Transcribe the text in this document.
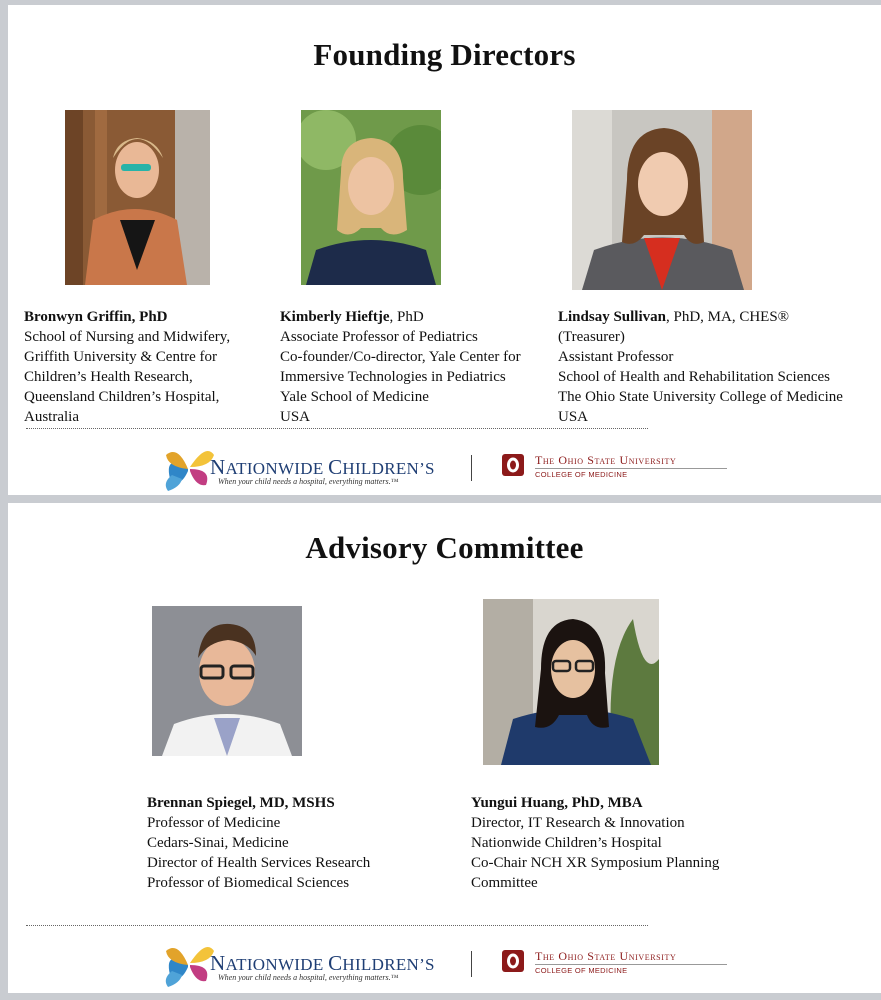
Founding Directors
Bronwyn Griffin, PhD
School of Nursing and Midwifery,
Griffith University & Centre for
Children’s Health Research,
Queensland Children’s Hospital,
Australia
Kimberly Hieftje, PhD
Associate Professor of Pediatrics
Co-founder/Co-director, Yale Center for
Immersive Technologies in Pediatrics
Yale School of Medicine
USA
Lindsay Sullivan, PhD, MA, CHES®
(Treasurer)
Assistant Professor
School of Health and Rehabilitation Sciences
The Ohio State University College of Medicine
USA
NATIONWIDE CHILDREN’S
When your child needs a hospital, everything matters.™
The Ohio State University
COLLEGE OF MEDICINE
Advisory Committee
Brennan Spiegel, MD, MSHS
Professor of Medicine
Cedars-Sinai, Medicine
Director of Health Services Research
Professor of Biomedical Sciences
Yungui Huang, PhD, MBA
Director, IT Research & Innovation
Nationwide Children’s Hospital
Co-Chair NCH XR Symposium Planning
Committee
NATIONWIDE CHILDREN’S
When your child needs a hospital, everything matters.™
The Ohio State University
COLLEGE OF MEDICINE
